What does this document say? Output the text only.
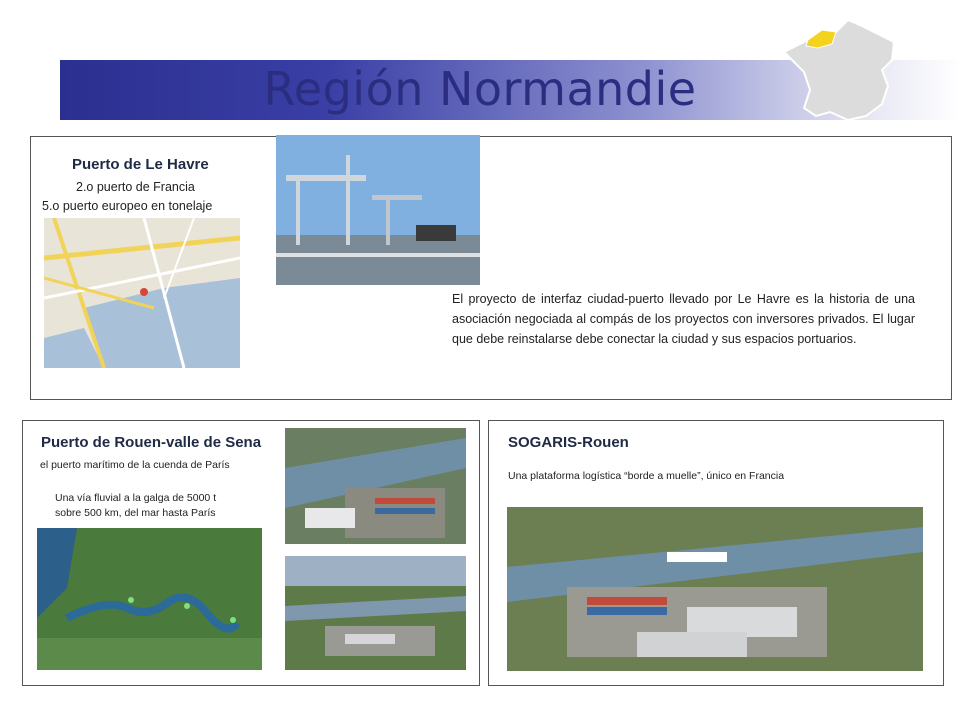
Región Normandie
Puerto de Le Havre
2.o puerto de Francia
5.o puerto europeo en tonelaje
El proyecto de interfaz ciudad-puerto llevado por Le Havre es la historia de una asociación negociada al compás de los proyectos con inversores privados. El lugar que debe reinstalarse debe conectar la ciudad y sus espacios portuarios.
Puerto de Rouen-valle de Sena
el puerto marítimo de la cuenda de París
Una vía fluvial a la galga de 5000 t
sobre 500 km, del mar hasta París
SOGARIS-Rouen
Una plataforma logística “borde a muelle”, único en Francia
